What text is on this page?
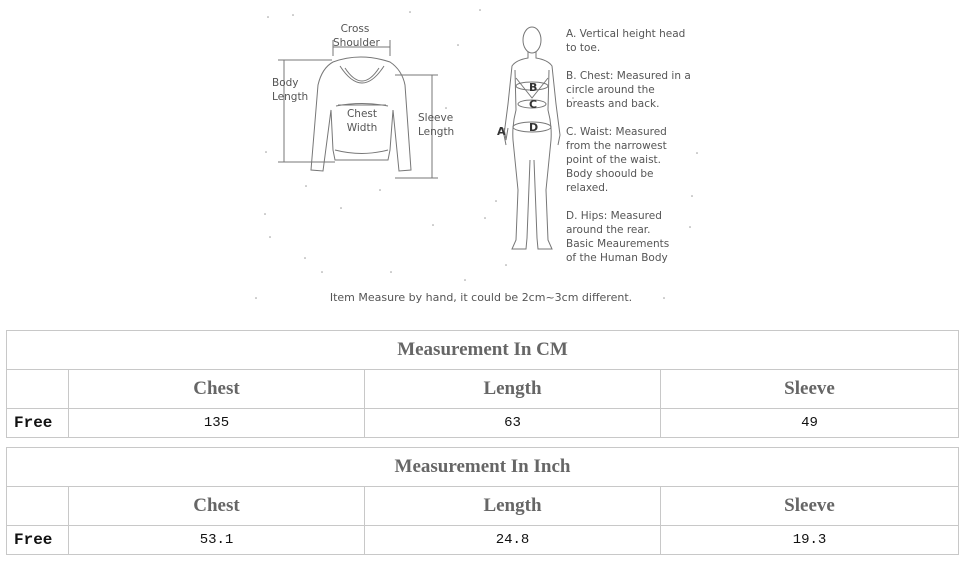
Cross
Shoulder
Body
Length
Chest
Width
Sleeve
Length	A
B
C
D
A. Vertical height head
to toe.
B. Chest: Measured in a
circle around the
breasts and back.
C. Waist: Measured
from the narrowest
point of the waist.
Body shoould be
relaxed.
D. Hips: Measured
around the rear.
Basic Meaurements
of the Human Body
Item Measure by hand, it could be 2cm~3cm different.
Measurement In CM			
	Chest	Length	Sleeve
Free	135	63	49
Measurement In Inch			
	Chest	Length	Sleeve
Free	53.1	24.8	19.3
